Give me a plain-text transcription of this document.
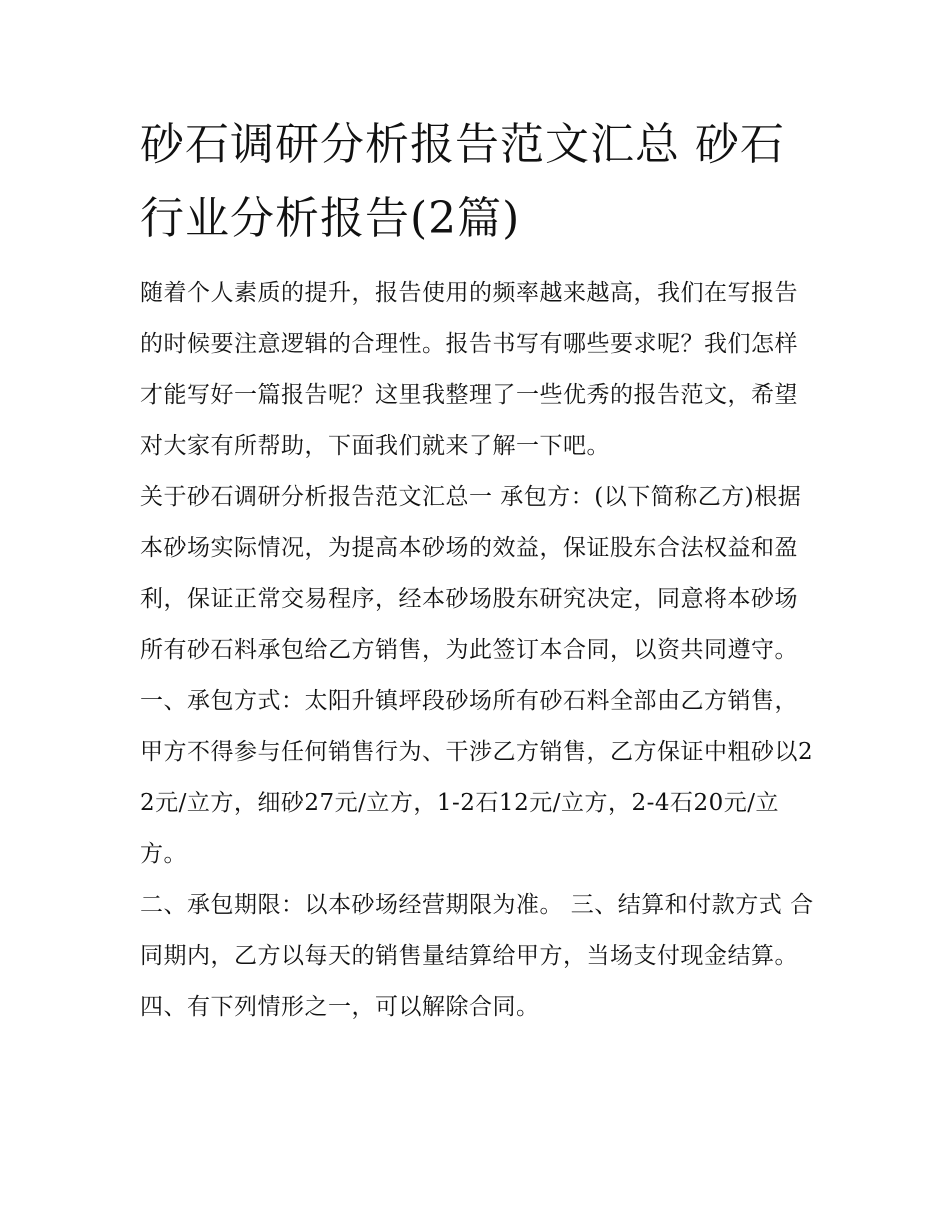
砂石调研分析报告范文汇总 砂石行业分析报告(2篇)

随着个人素质的提升，报告使用的频率越来越高，我们在写报告的时候要注意逻辑的合理性。报告书写有哪些要求呢？我们怎样才能写好一篇报告呢？这里我整理了一些优秀的报告范文，希望对大家有所帮助，下面我们就来了解一下吧。

关于砂石调研分析报告范文汇总一 承包方：(以下简称乙方)根据本砂场实际情况，为提高本砂场的效益，保证股东合法权益和盈利，保证正常交易程序，经本砂场股东研究决定，同意将本砂场所有砂石料承包给乙方销售，为此签订本合同，以资共同遵守。

一、承包方式：太阳升镇坪段砂场所有砂石料全部由乙方销售，甲方不得参与任何销售行为、干涉乙方销售，乙方保证中粗砂以22元/立方，细砂27元/立方，1-2石12元/立方，2-4石20元/立方。

二、承包期限：以本砂场经营期限为准。 三、结算和付款方式 合同期内，乙方以每天的销售量结算给甲方，当场支付现金结算。 四、有下列情形之一，可以解除合同。
